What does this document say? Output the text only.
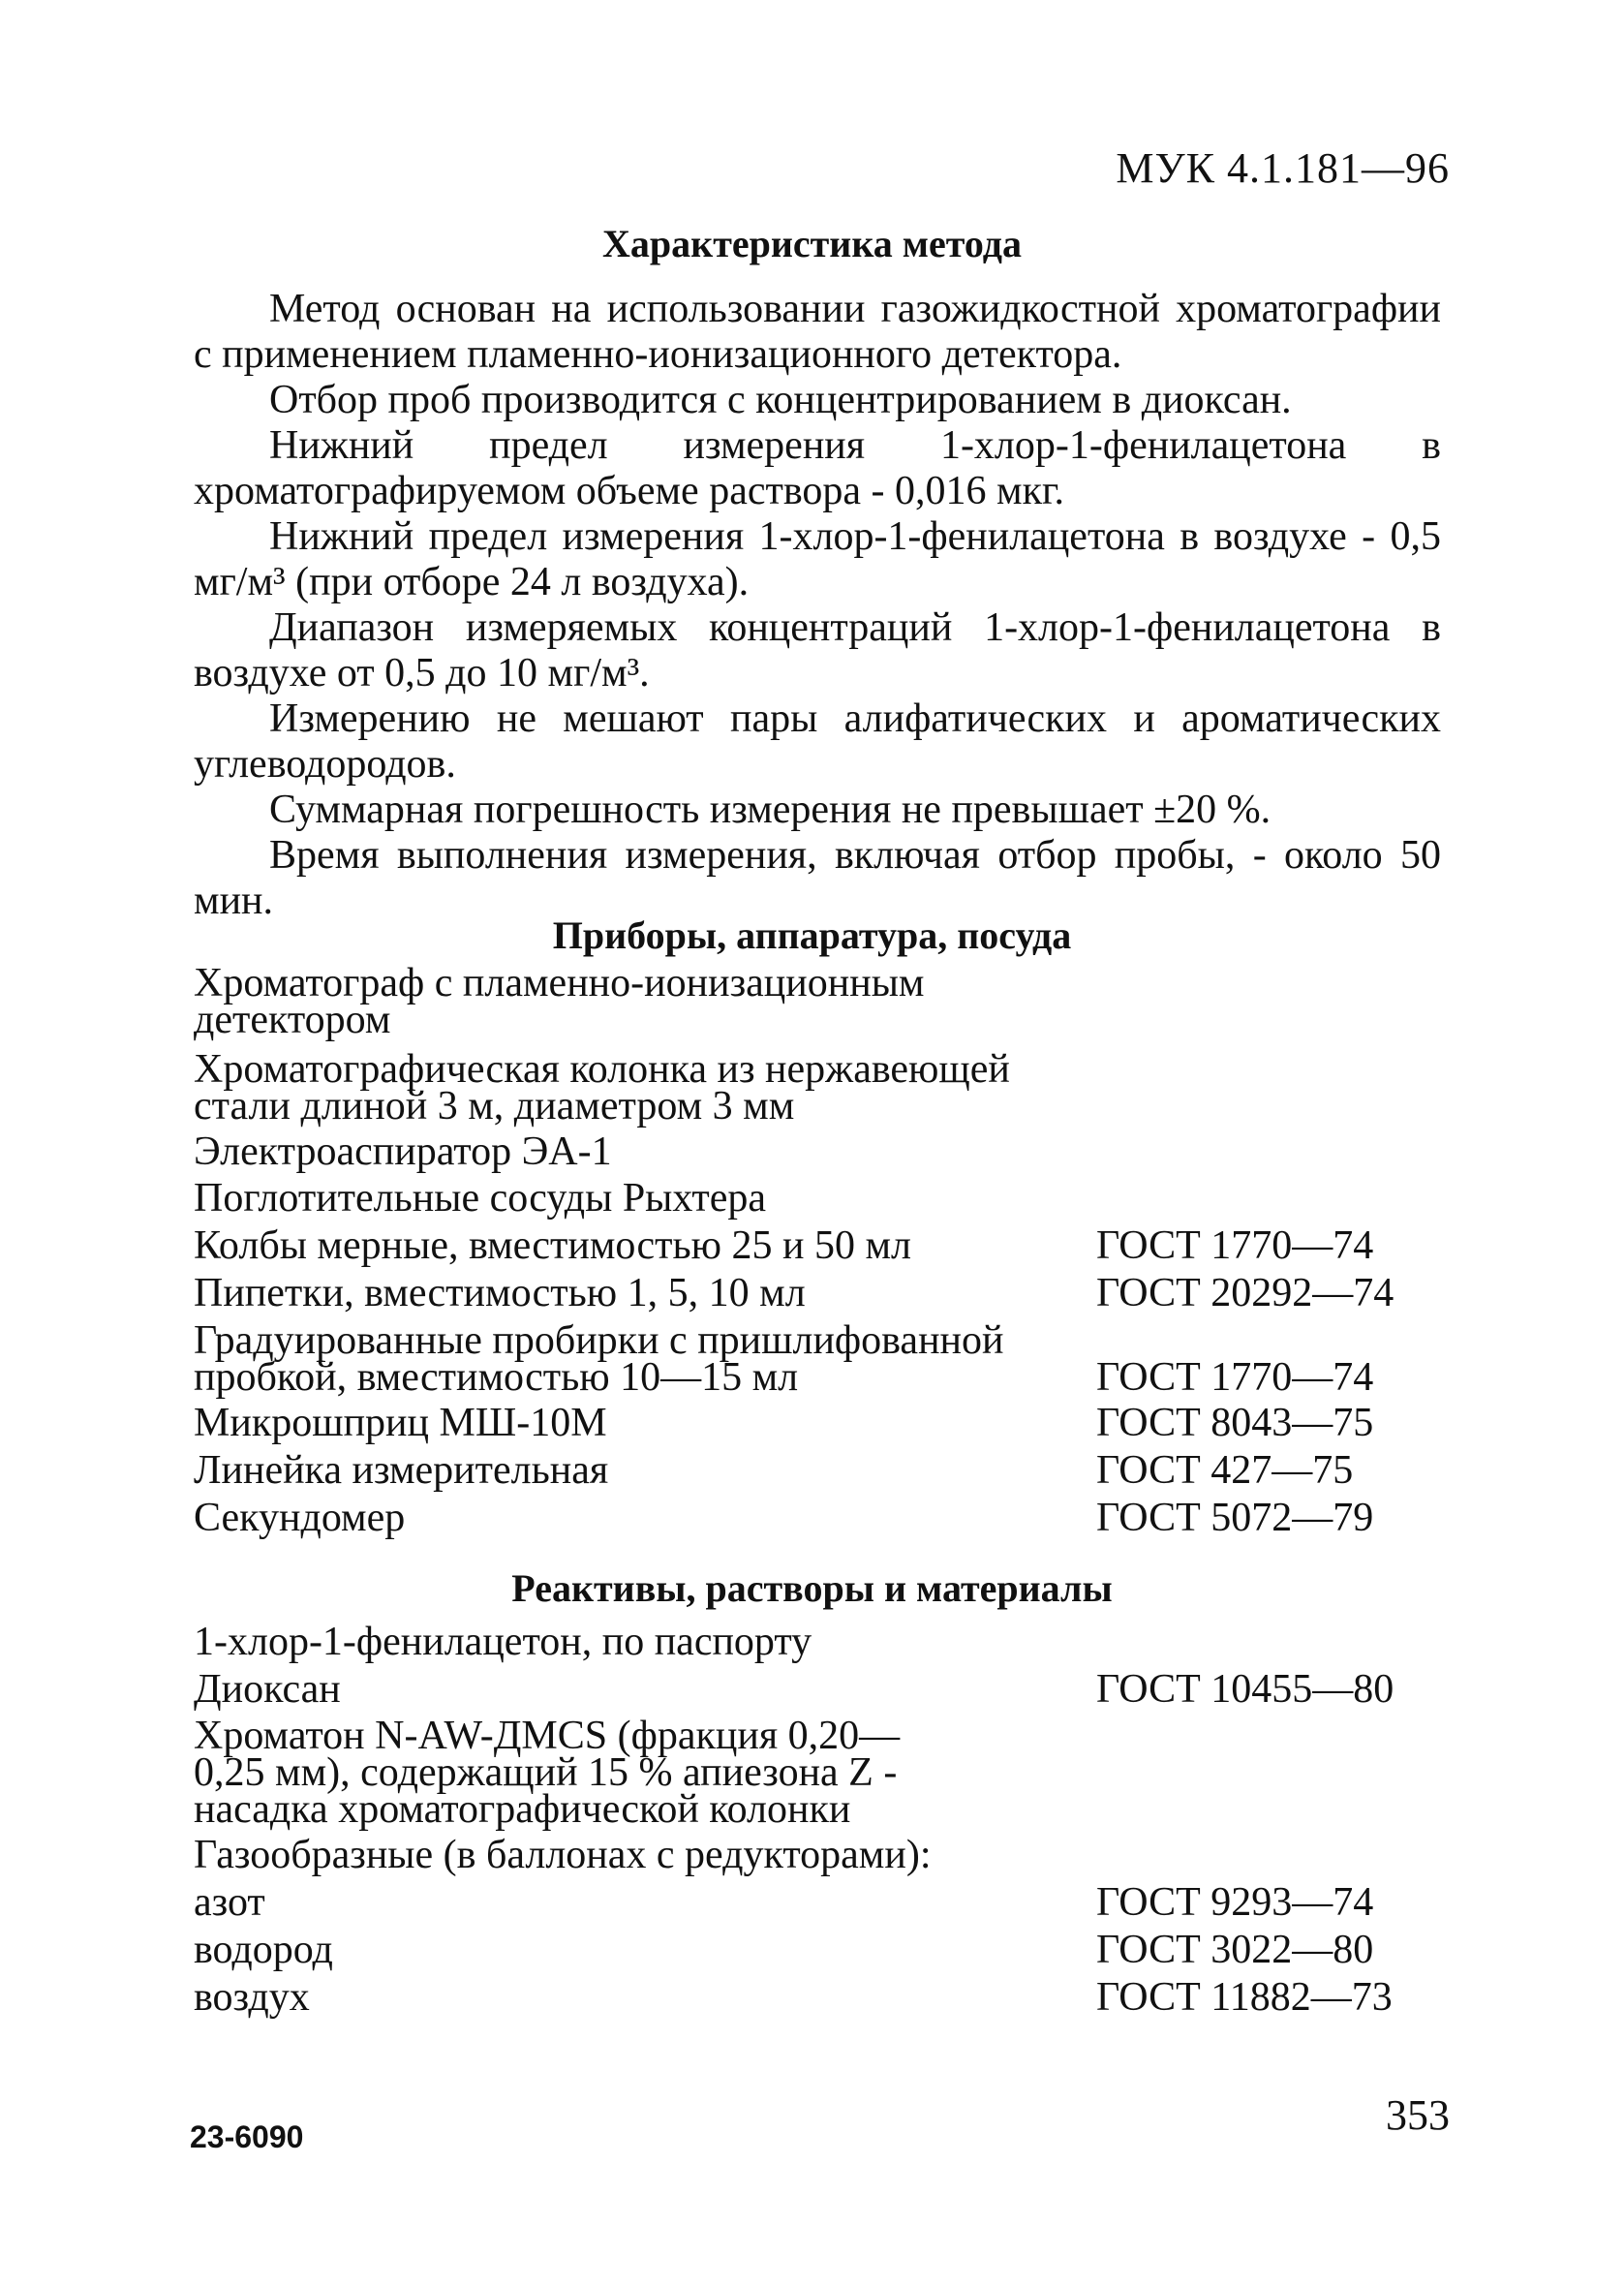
МУК 4.1.181—96
Характеристика метода

Метод основан на использовании газожидкостной хроматографии с применением пламенно-ионизационного детектора.

Отбор проб производится с концентрированием в диоксан.

Нижний предел измерения 1-хлор-1-фенилацетона в хроматографируемом объеме раствора - 0,016 мкг.

Нижний предел измерения 1-хлор-1-фенилацетона в воздухе - 0,5 мг/м³ (при отборе 24 л воздуха).

Диапазон измеряемых концентраций 1-хлор-1-фенилацетона в воздухе от 0,5 до 10 мг/м³.

Измерению не мешают пары алифатических и ароматических углеводородов.

Суммарная погрешность измерения не превышает ±20 %.

Время выполнения измерения, включая отбор пробы, - около 50 мин.

Приборы, аппаратура, посуда
Хроматограф с пламенно-ионизационным детектором
Хроматографическая колонка из нержавеющей стали длиной 3 м, диаметром 3 мм
Электроаспиратор ЭА-1
Поглотительные сосуды Рыхтера
Колбы мерные, вместимостью 25 и 50 мл	ГОСТ 1770—74
Пипетки, вместимостью 1, 5, 10 мл	ГОСТ 20292—74
Градуированные пробирки с пришлифованной пробкой, вместимостью 10—15 мл	ГОСТ 1770—74
Микрошприц МШ-10М	ГОСТ 8043—75
Линейка измерительная	ГОСТ 427—75
Секундомер	ГОСТ 5072—79
Реактивы, растворы и материалы
1-хлор-1-фенилацетон, по паспорту
Диоксан	ГОСТ 10455—80
Хроматон N-AW-ДMCS (фракция 0,20— 0,25 мм), содержащий 15 % апиезона Z - насадка хроматографической колонки
Газообразные (в баллонах с редукторами):
азот	ГОСТ 9293—74
водород	ГОСТ 3022—80
воздух	ГОСТ 11882—73
23-6090	353
